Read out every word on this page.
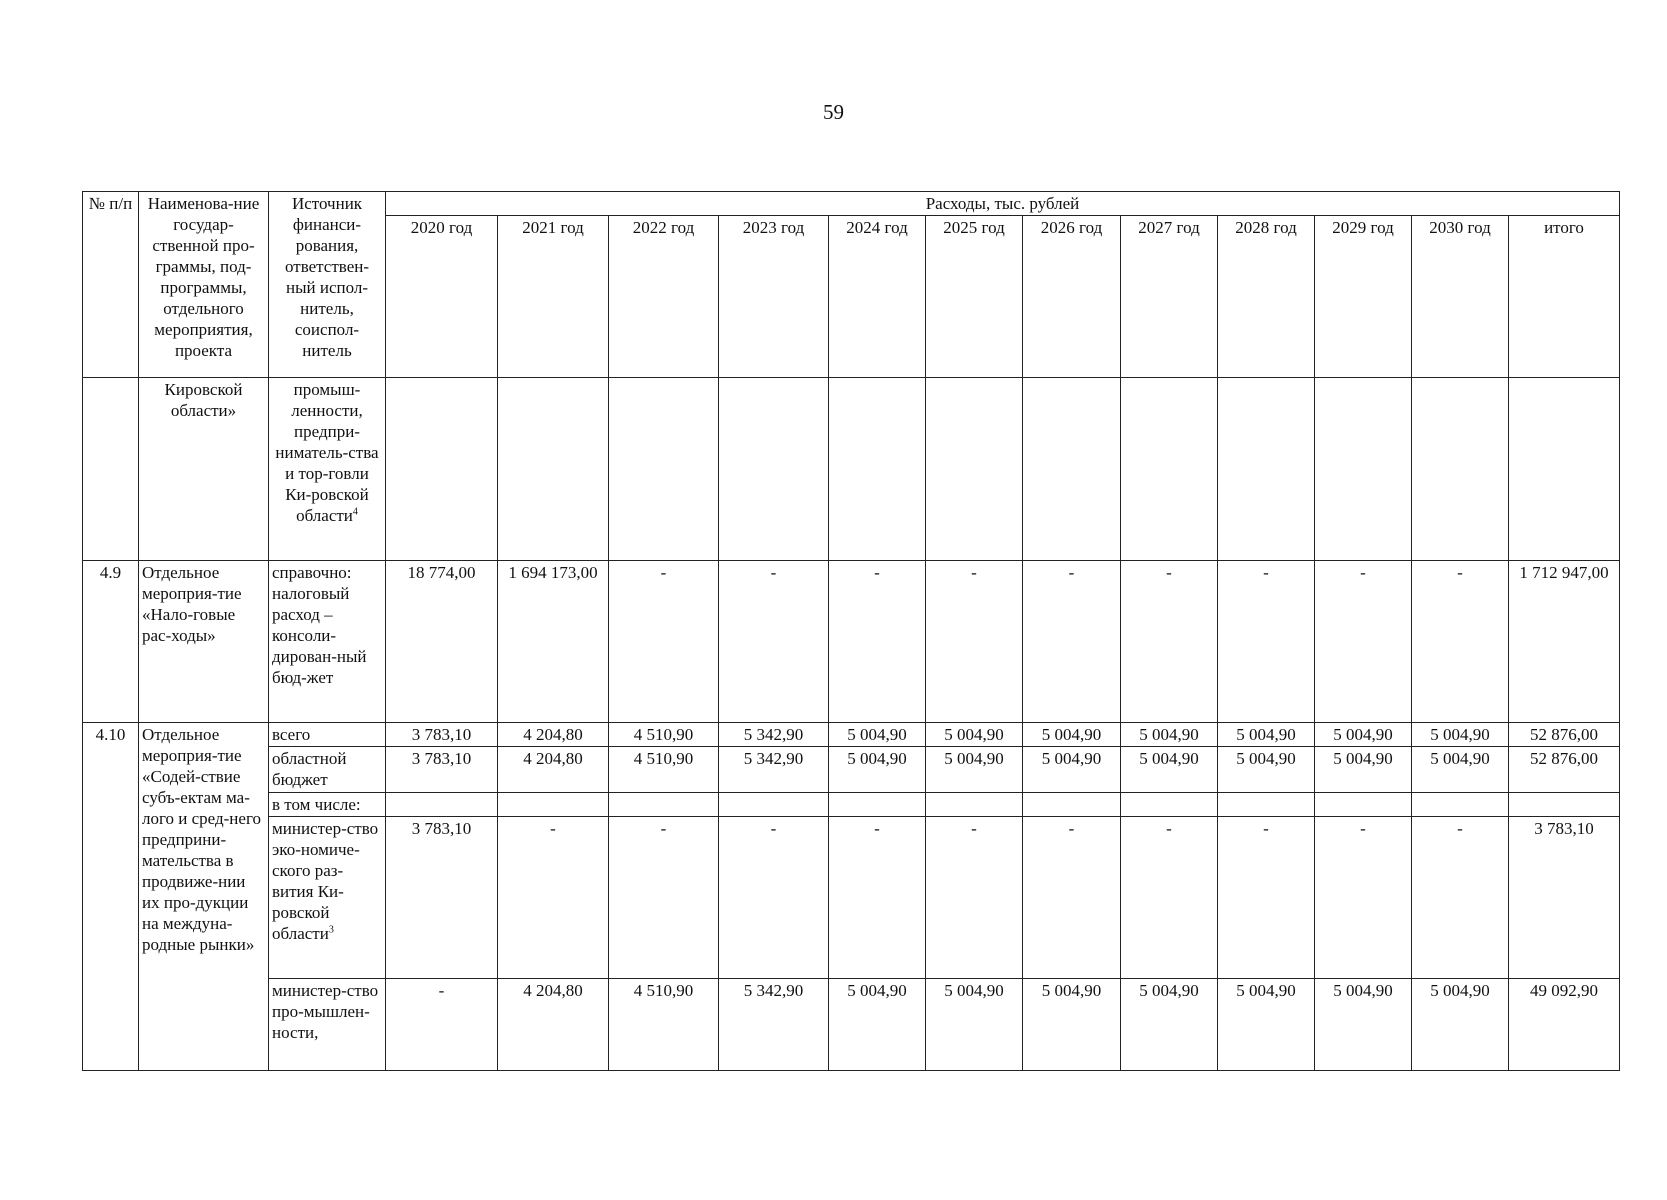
59
№ п/п	Наименова-ние государ-ственной про-граммы, под-программы, отдельного мероприятия, проекта	Источник финанси-рования, ответствен-ный испол-нитель, соиспол-нитель	Расходы, тыс. рублей											
			2020 год	2021 год	2022 год	2023 год	2024 год	2025 год	2026 год	2027 год	2028 год	2029 год	2030 год	итого
	Кировской области»	промыш-ленности, предпри-ниматель-ства и тор-говли Ки-ровской области$^4$												
4.9	Отдельное мероприя-тие «Нало-говые рас-ходы»	справочно: налоговый расход – консоли-дирован-ный бюд-жет	18 774,00	1 694 173,00	-	-	-	-	-	-	-	-	-	1 712 947,00
4.10	Отдельное мероприя-тие «Содей-ствие субъ-ектам ма-лого и сред-него предприни-мательства в продвиже-нии их про-дукции на междуна-родные рынки»	всего	3 783,10	4 204,80	4 510,90	5 342,90	5 004,90	5 004,90	5 004,90	5 004,90	5 004,90	5 004,90	5 004,90	52 876,00
		областной бюджет	3 783,10	4 204,80	4 510,90	5 342,90	5 004,90	5 004,90	5 004,90	5 004,90	5 004,90	5 004,90	5 004,90	52 876,00
		в том числе:												
		министер-ство эко-номиче-ского раз-вития Ки-ровской области$^3$	3 783,10	-	-	-	-	-	-	-	-	-	-	3 783,10
		министер-ство про-мышлен-ности,	-	4 204,80	4 510,90	5 342,90	5 004,90	5 004,90	5 004,90	5 004,90	5 004,90	5 004,90	5 004,90	49 092,90
